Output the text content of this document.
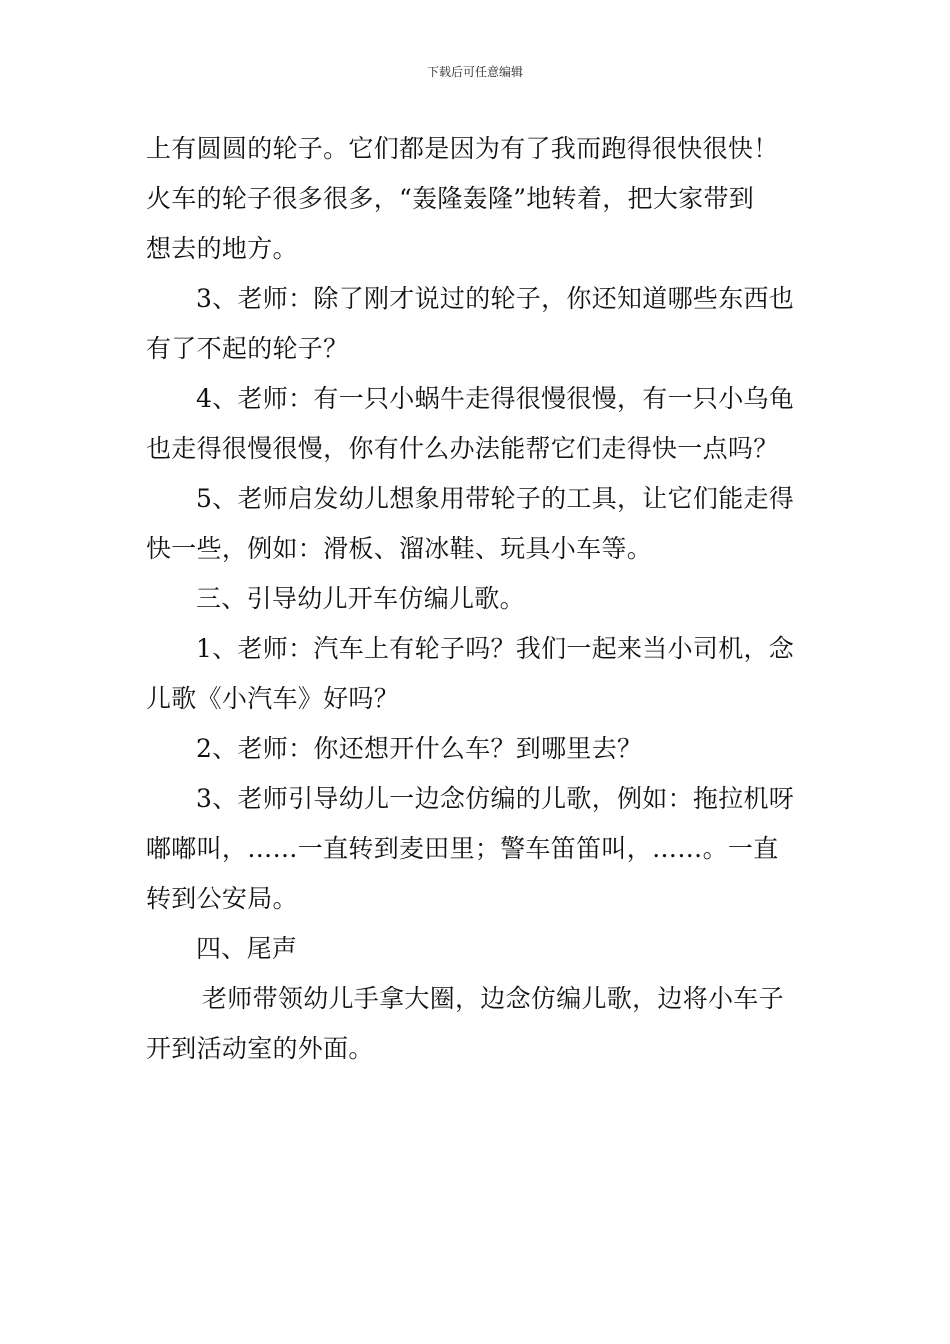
下载后可任意编辑
上有圆圆的轮子。它们都是因为有了我而跑得很快很快！
火车的轮子很多很多，“轰隆轰隆”地转着，把大家带到
想去的地方。
3、老师：除了刚才说过的轮子，你还知道哪些东西也
有了不起的轮子？
4、老师：有一只小蜗牛走得很慢很慢，有一只小乌龟
也走得很慢很慢，你有什么办法能帮它们走得快一点吗？
5、老师启发幼儿想象用带轮子的工具，让它们能走得
快一些，例如：滑板、溜冰鞋、玩具小车等。
三、引导幼儿开车仿编儿歌。
1、老师：汽车上有轮子吗？我们一起来当小司机，念
儿歌《小汽车》好吗？
2、老师：你还想开什么车？到哪里去？
3、老师引导幼儿一边念仿编的儿歌，例如：拖拉机呀
嘟嘟叫，……一直转到麦田里；警车笛笛叫，……。一直
转到公安局。
四、尾声
老师带领幼儿手拿大圈，边念仿编儿歌，边将小车子
开到活动室的外面。
